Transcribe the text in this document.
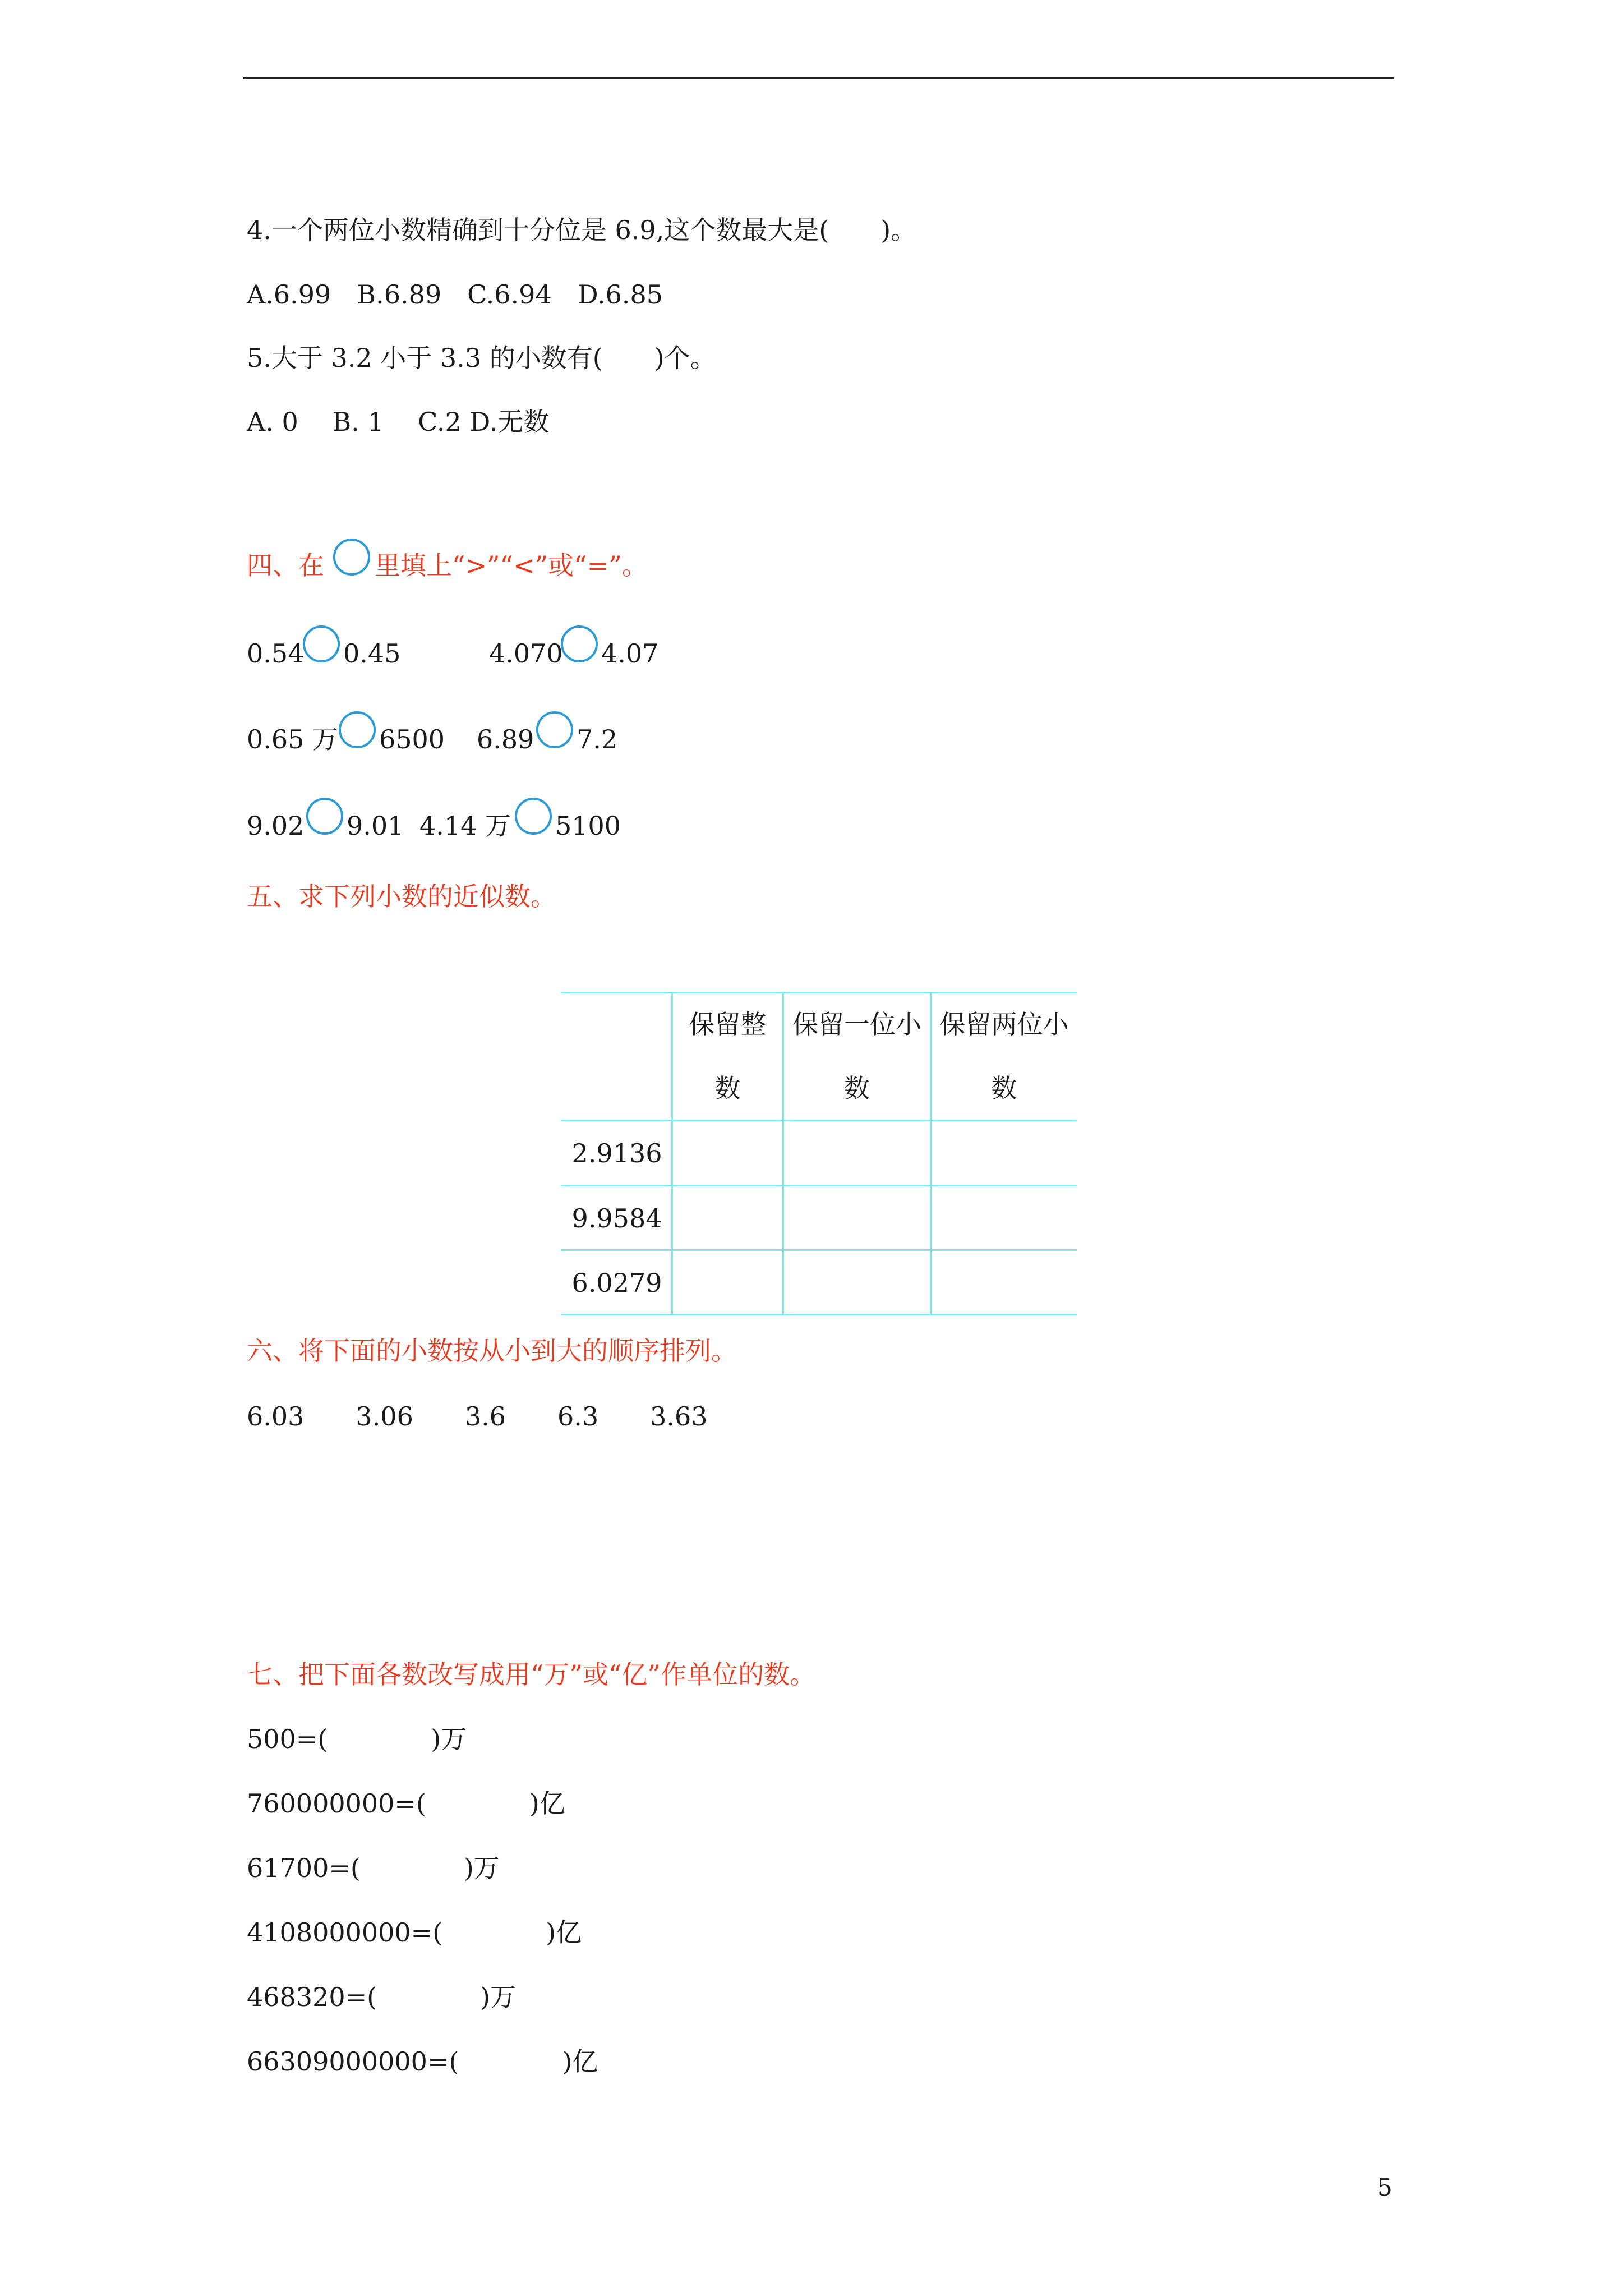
4.一个两位小数精确到十分位是 6.9,这个数最大是(　　)。
A.6.99　B.6.89　C.6.94　D.6.85
5.大于 3.2 小于 3.3 的小数有(　　)个。
A. 0　 B. 1　 C.2 D.无数
四、在 里填上“>”“<”或“=”。
0.54 0.45	4.070 4.07
0.65 万 6500 6.89 7.2
9.02 9.01 4.14 万 5100
五、求下列小数的近似数。
保留整
数
保留一位小
数
保留两位小
数
2.9136
9.9584
6.0279
六、将下面的小数按从小到大的顺序排列。
6.03　　3.06　　3.6　　6.3　　3.63
七、把下面各数改写成用“万”或“亿”作单位的数。
500=(　　　　)万
760000000=(　　　　)亿
61700=(　　　　)万
4108000000=(　　　　)亿
468320=(　　　　)万
66309000000=(　　　　)亿
5
